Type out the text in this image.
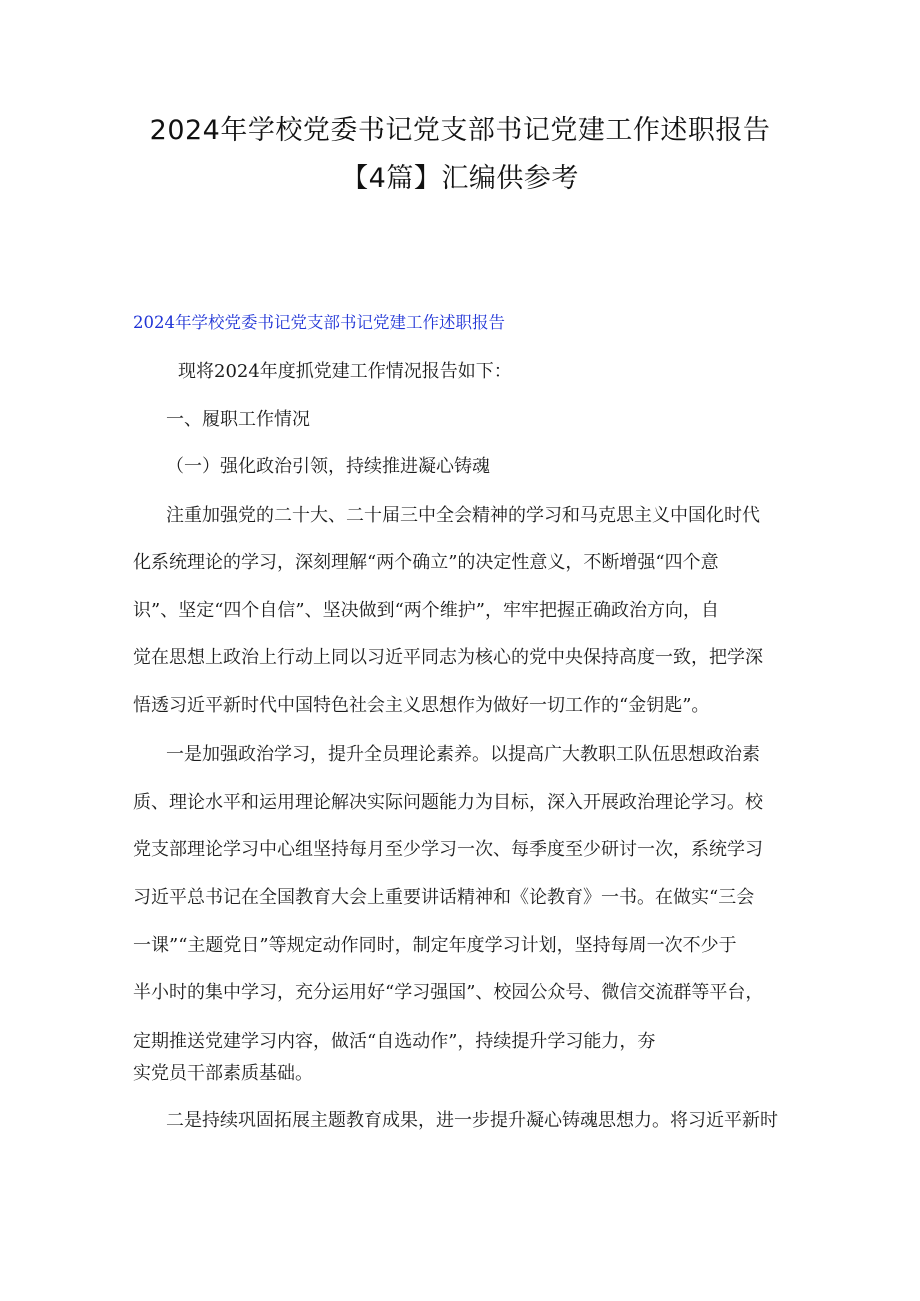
2024年学校党委书记党支部书记党建工作述职报告
【4篇】汇编供参考
2024年学校党委书记党支部书记党建工作述职报告
现将2024年度抓党建工作情况报告如下：
一、履职工作情况
（一）强化政治引领，持续推进凝心铸魂
注重加强党的二十大、二十届三中全会精神的学习和马克思主义中国化时代
化系统理论的学习，深刻理解“两个确立”的决定性意义，不断增强“四个意
识”、坚定“四个自信”、坚决做到“两个维护”，牢牢把握正确政治方向，自
觉在思想上政治上行动上同以习近平同志为核心的党中央保持高度一致，把学深
悟透习近平新时代中国特色社会主义思想作为做好一切工作的“金钥匙”。
一是加强政治学习，提升全员理论素养。以提高广大教职工队伍思想政治素
质、理论水平和运用理论解决实际问题能力为目标，深入开展政治理论学习。校
党支部理论学习中心组坚持每月至少学习一次、每季度至少研讨一次，系统学习
习近平总书记在全国教育大会上重要讲话精神和《论教育》一书。在做实“三会
一课”“主题党日”等规定动作同时，制定年度学习计划，坚持每周一次不少于
半小时的集中学习，充分运用好“学习强国”、校园公众号、微信交流群等平台，
定期推送党建学习内容，做活“自选动作”，持续提升学习能力，夯
实党员干部素质基础。
二是持续巩固拓展主题教育成果，进一步提升凝心铸魂思想力。将习近平新时
